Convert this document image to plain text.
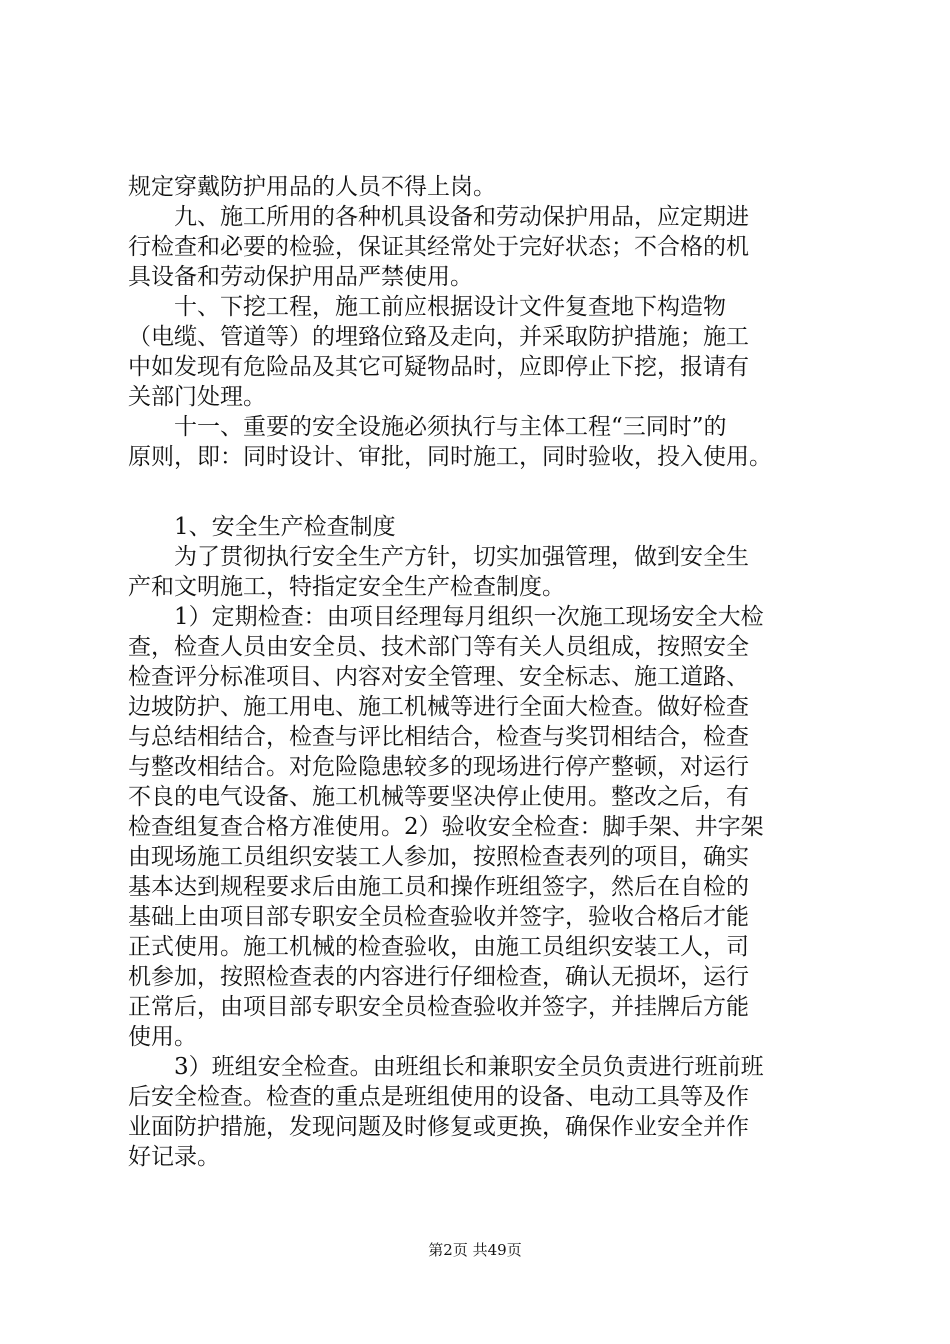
规定穿戴防护用品的人员不得上岗。
　　九、施工所用的各种机具设备和劳动保护用品，应定期进
行检查和必要的检验，保证其经常处于完好状态；不合格的机
具设备和劳动保护用品严禁使用。
　　十、下挖工程，施工前应根据设计文件复查地下构造物
（电缆、管道等）的埋臵位臵及走向，并采取防护措施；施工
中如发现有危险品及其它可疑物品时，应即停止下挖，报请有
关部门处理。
　　十一、重要的安全设施必须执行与主体工程“三同时”的
原则，即：同时设计、审批，同时施工，同时验收，投入使用。
　　1、安全生产检查制度
　　为了贯彻执行安全生产方针，切实加强管理，做到安全生
产和文明施工，特指定安全生产检查制度。
　　1）定期检查：由项目经理每月组织一次施工现场安全大检
查，检查人员由安全员、技术部门等有关人员组成，按照安全
检查评分标准项目、内容对安全管理、安全标志、施工道路、
边坡防护、施工用电、施工机械等进行全面大检查。做好检查
与总结相结合，检查与评比相结合，检查与奖罚相结合，检查
与整改相结合。对危险隐患较多的现场进行停产整顿，对运行
不良的电气设备、施工机械等要坚决停止使用。整改之后，有
检查组复查合格方准使用。2）验收安全检查：脚手架、井字架
由现场施工员组织安装工人参加，按照检查表列的项目，确实
基本达到规程要求后由施工员和操作班组签字，然后在自检的
基础上由项目部专职安全员检查验收并签字，验收合格后才能
正式使用。施工机械的检查验收，由施工员组织安装工人，司
机参加，按照检查表的内容进行仔细检查，确认无损坏，运行
正常后，由项目部专职安全员检查验收并签字，并挂牌后方能
使用。
　　3）班组安全检查。由班组长和兼职安全员负责进行班前班
后安全检查。检查的重点是班组使用的设备、电动工具等及作
业面防护措施，发现问题及时修复或更换，确保作业安全并作
好记录。
第2页 共49页
